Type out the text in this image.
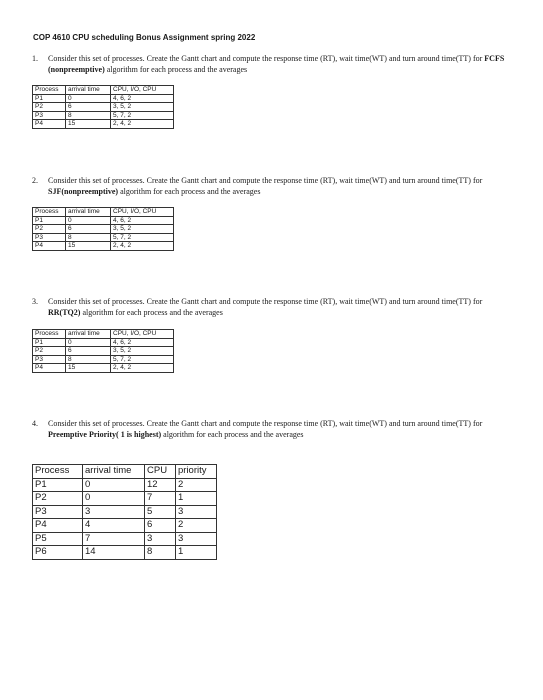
COP 4610 CPU scheduling Bonus Assignment spring 2022
1. Consider this set of processes. Create the Gantt chart and compute the response time (RT), wait time(WT) and turn around time(TT) for FCFS (nonpreemptive) algorithm for each process and the averages
Process	arrival time	CPU, I/O, CPU
P1	0	4, 6, 2
P2	6	3, 5, 2
P3	8	5, 7, 2
P4	15	2, 4, 2
2. Consider this set of processes. Create the Gantt chart and compute the response time (RT), wait time(WT) and turn around time(TT) for SJF(nonpreemptive) algorithm for each process and the averages
Process	arrival time	CPU, I/O, CPU
P1	0	4, 6, 2
P2	6	3, 5, 2
P3	8	5, 7, 2
P4	15	2, 4, 2
3. Consider this set of processes. Create the Gantt chart and compute the response time (RT), wait time(WT) and turn around time(TT) for RR(TQ2) algorithm for each process and the averages
Process	arrival time	CPU, I/O, CPU
P1	0	4, 6, 2
P2	6	3, 5, 2
P3	8	5, 7, 2
P4	15	2, 4, 2
4. Consider this set of processes. Create the Gantt chart and compute the response time (RT), wait time(WT) and turn around time(TT) for Preemptive Priority( 1 is highest) algorithm for each process and the averages
Process	arrival time	CPU	priority
P1	0	12	2
P2	0	7	1
P3	3	5	3
P4	4	6	2
P5	7	3	3
P6	14	8	1
